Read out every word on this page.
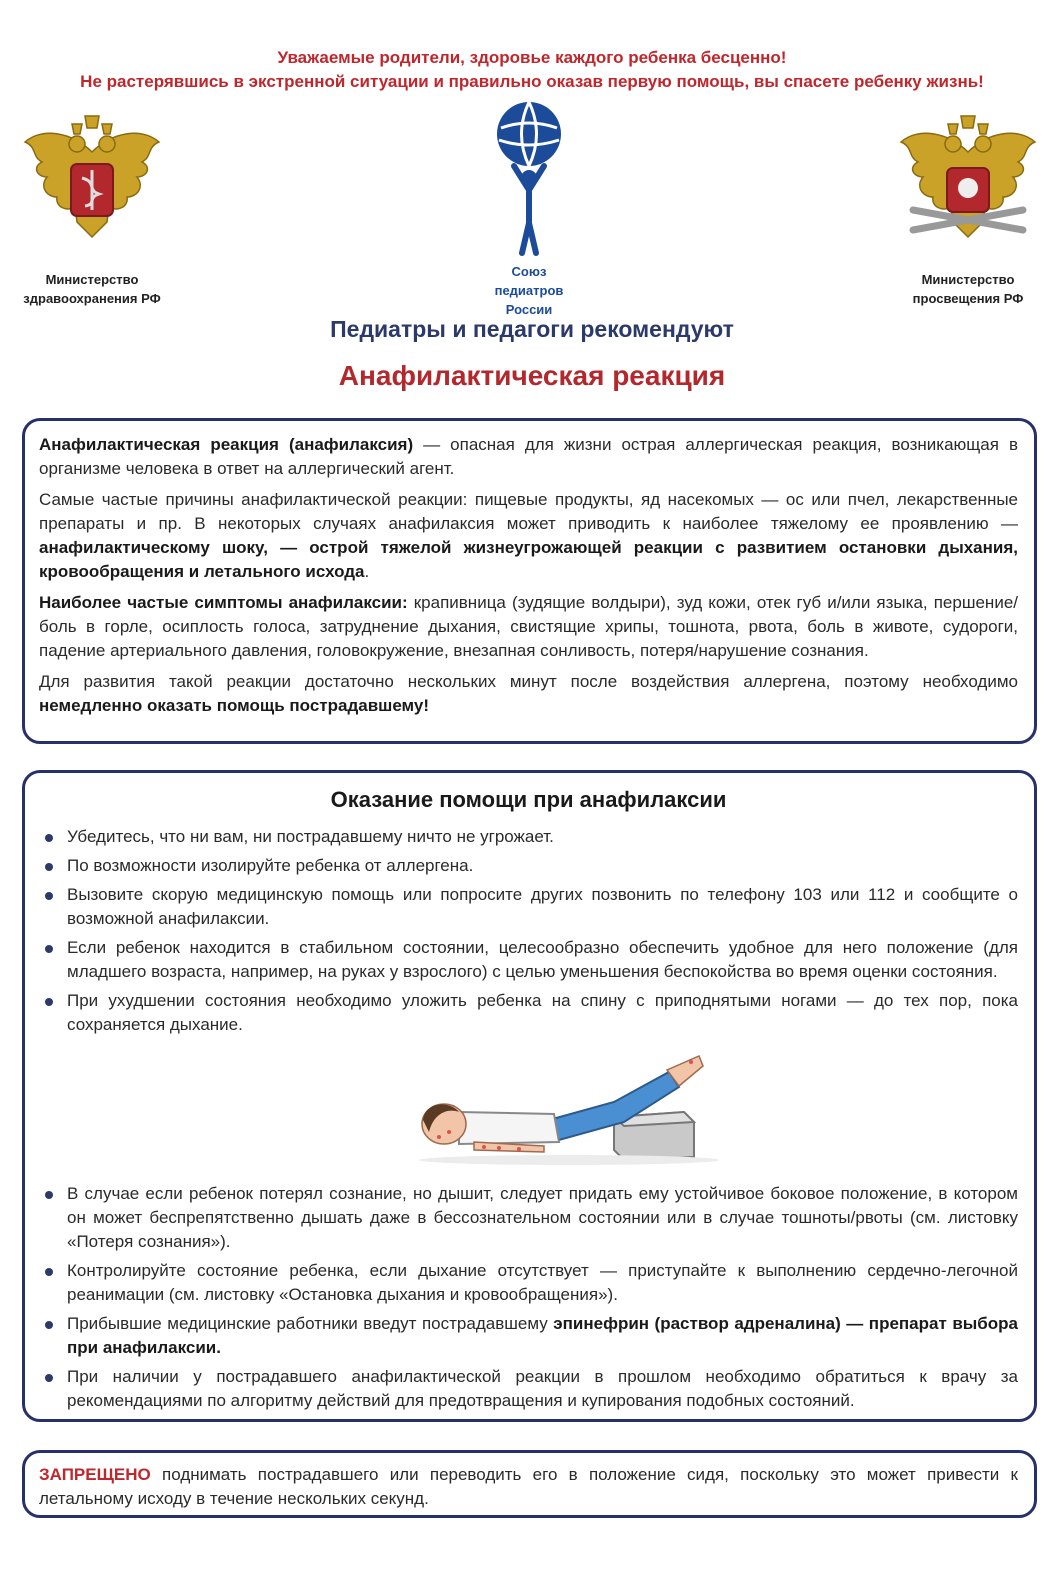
Уважаемые родители, здоровье каждого ребенка бесценно!
Не растерявшись в экстренной ситуации и правильно оказав первую помощь, вы спасете ребенку жизнь!
Министерство
здравоохранения РФ
Союз
педиатров
России
Министерство
просвещения РФ
Педиатры и педагоги рекомендуют
Анафилактическая реакция

Анафилактическая реакция (анафилаксия) — опасная для жизни острая аллергическая реакция, возникающая в организме человека в ответ на аллергический агент.

Самые частые причины анафилактической реакции: пищевые продукты, яд насекомых — ос или пчел, лекарственные препараты и пр. В некоторых случаях анафилаксия может приводить к наиболее тяжелому ее проявлению — анафилактическому шоку, — острой тяжелой жизнеугрожающей реакции с развитием остановки дыхания, кровообращения и летального исхода.

Наиболее частые симптомы анафилаксии: крапивница (зудящие волдыри), зуд кожи, отек губ и/или языка, першение/боль в горле, осиплость голоса, затруднение дыхания, свистящие хрипы, тошнота, рвота, боль в животе, судороги, падение артериального давления, головокружение, внезапная сонливость, потеря/нарушение сознания.

Для развития такой реакции достаточно нескольких минут после воздействия аллергена, поэтому необходимо немедленно оказать помощь пострадавшему!

Оказание помощи при анафилаксии
Убедитесь, что ни вам, ни пострадавшему ничто не угрожает.
По возможности изолируйте ребенка от аллергена.
Вызовите скорую медицинскую помощь или попросите других позвонить по телефону 103 или 112 и сообщите о возможной анафилаксии.
Если ребенок находится в стабильном состоянии, целесообразно обеспечить удобное для него положение (для младшего возраста, например, на руках у взрослого) с целью уменьшения беспокойства во время оценки состояния.
При ухудшении состояния необходимо уложить ребенка на спину с приподнятыми ногами — до тех пор, пока сохраняется дыхание.
В случае если ребенок потерял сознание, но дышит, следует придать ему устойчивое боковое положение, в котором он может беспрепятственно дышать даже в бессознательном состоянии или в случае тошноты/рвоты (см. листовку «Потеря сознания»).
Контролируйте состояние ребенка, если дыхание отсутствует — приступайте к выполнению сердечно-легочной реанимации (см. листовку «Остановка дыхания и кровообращения»).
Прибывшие медицинские работники введут пострадавшему эпинефрин (раствор адреналина) — препарат выбора при анафилаксии.
При наличии у пострадавшего анафилактической реакции в прошлом необходимо обратиться к врачу за рекомендациями по алгоритму действий для предотвращения и купирования подобных состояний.

ЗАПРЕЩЕНО поднимать пострадавшего или переводить его в положение сидя, поскольку это может привести к летальному исходу в течение нескольких секунд.
